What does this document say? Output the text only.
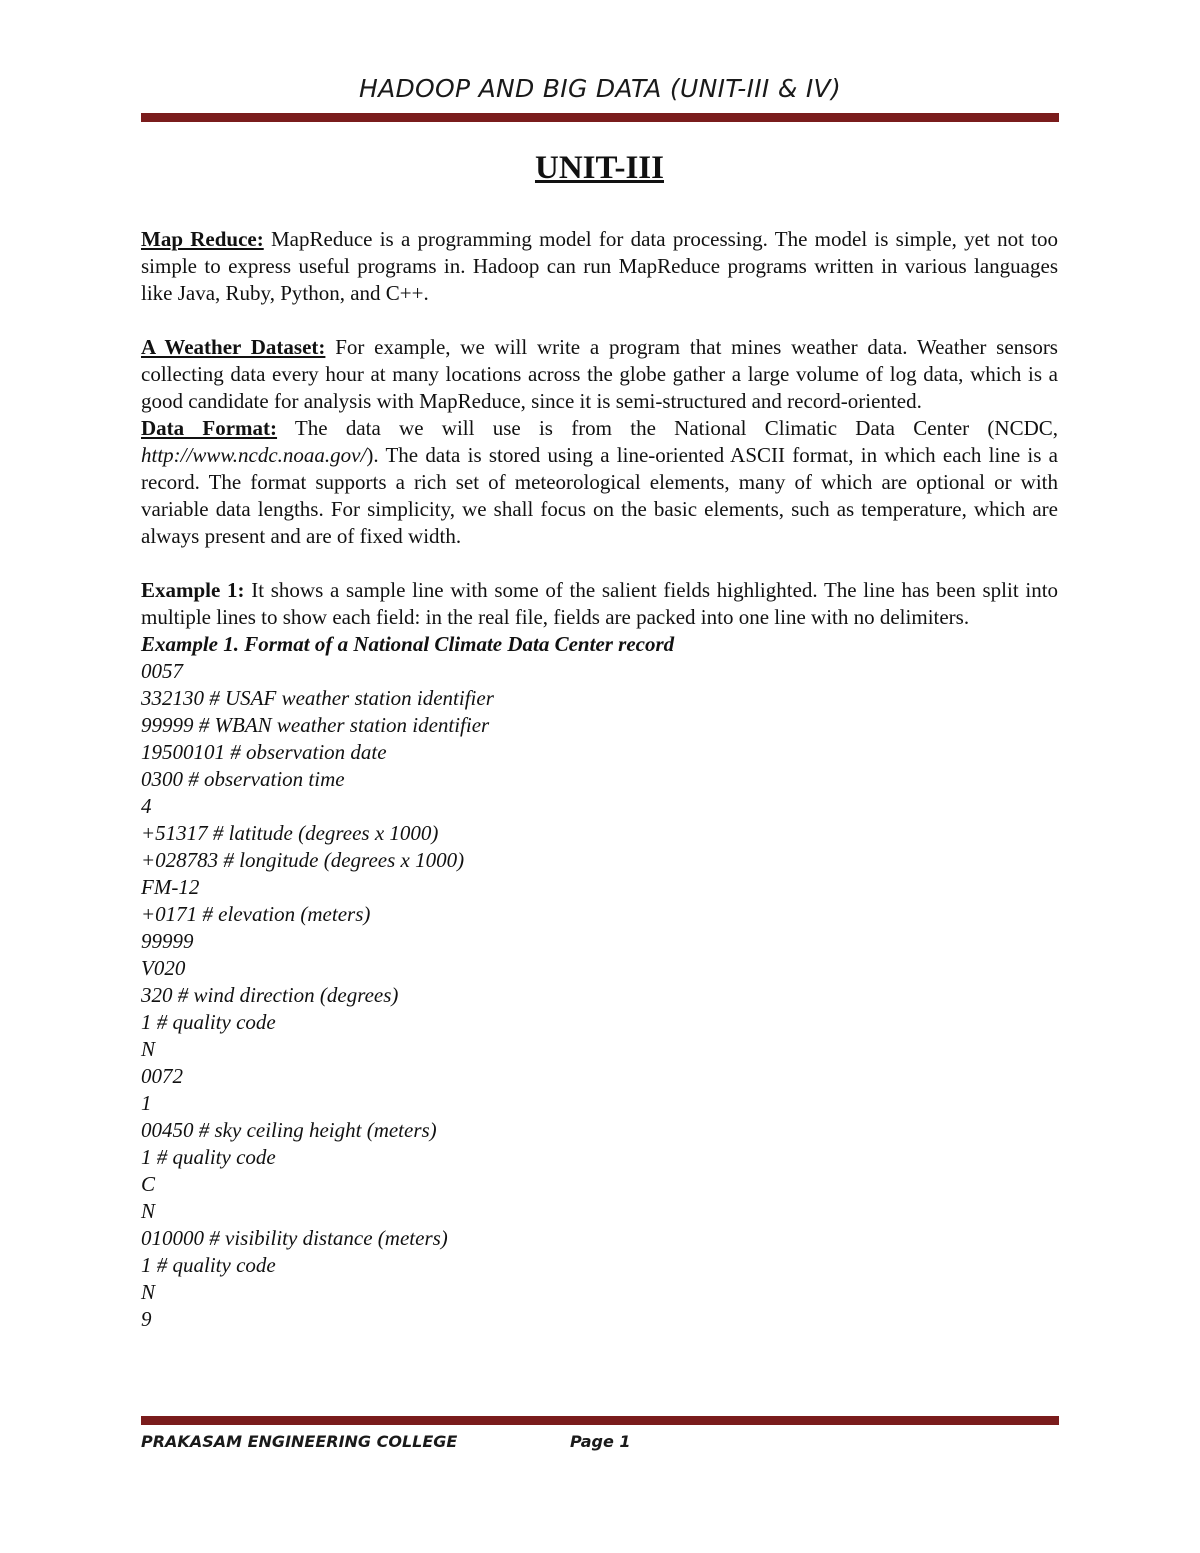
HADOOP AND BIG DATA (UNIT-III & IV)
UNIT-III

Map Reduce: MapReduce is a programming model for data processing. The model is simple, yet not too simple to express useful programs in. Hadoop can run MapReduce programs written in various languages like Java, Ruby, Python, and C++.

A Weather Dataset: For example, we will write a program that mines weather data. Weather sensors collecting data every hour at many locations across the globe gather a large volume of log data, which is a good candidate for analysis with MapReduce, since it is semi-structured and record-oriented.

Data Format: The data we will use is from the National Climatic Data Center (NCDC, http://www.ncdc.noaa.gov/). The data is stored using a line-oriented ASCII format, in which each line is a record. The format supports a rich set of meteorological elements, many of which are optional or with variable data lengths. For simplicity, we shall focus on the basic elements, such as temperature, which are always present and are of fixed width.

Example 1: It shows a sample line with some of the salient fields highlighted. The line has been split into multiple lines to show each field: in the real file, fields are packed into one line with no delimiters.

Example 1. Format of a National Climate Data Center record
0057
332130 # USAF weather station identifier
99999 # WBAN weather station identifier
19500101 # observation date
0300 # observation time
4
+51317 # latitude (degrees x 1000)
+028783 # longitude (degrees x 1000)
FM-12
+0171 # elevation (meters)
99999
V020
320 # wind direction (degrees)
1 # quality code
N
0072
1
00450 # sky ceiling height (meters)
1 # quality code
C
N
010000 # visibility distance (meters)
1 # quality code
N
9
PRAKASAM ENGINEERING COLLEGE	Page 1
